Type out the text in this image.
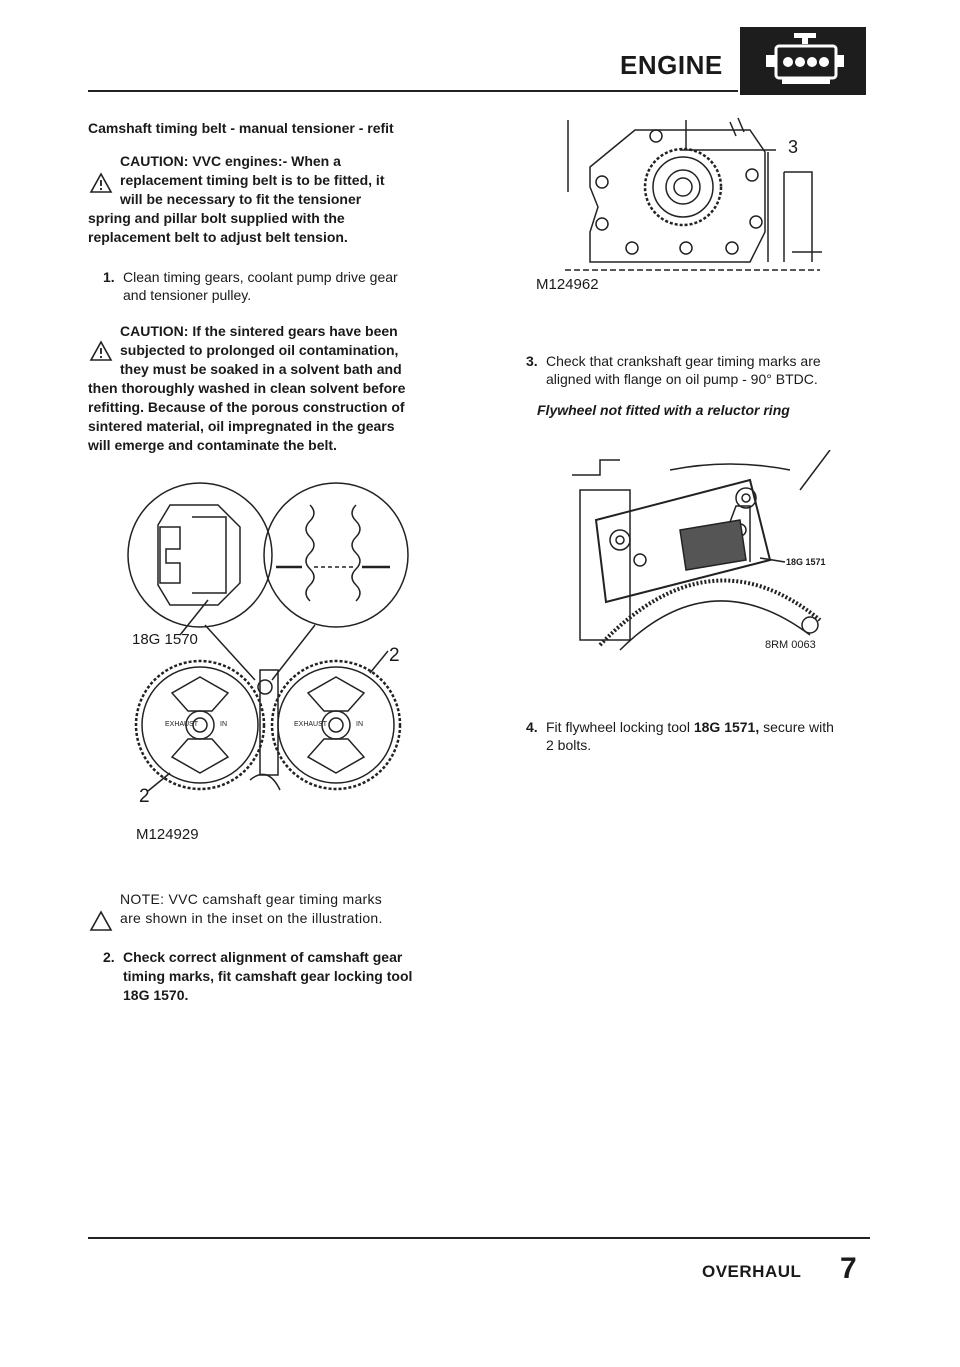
ENGINE
Camshaft timing belt - manual tensioner - refit
CAUTION: VVC engines:- When a
replacement timing belt is to be fitted, it
will be necessary to fit the tensioner
spring and pillar bolt supplied with the
replacement belt to adjust belt tension.
1. Clean timing gears, coolant pump drive gear
and tensioner pulley.
CAUTION: If the sintered gears have been
subjected to prolonged oil contamination,
they must be soaked in a solvent bath and
then thoroughly washed in clean solvent before
refitting. Because of the porous construction of
sintered material, oil impregnated in the gears
will emerge and contaminate the belt.
18G 1570
2
2
EXHAUST	EXHAUST
IN	IN
M124929
NOTE: VVC camshaft gear timing marks
are shown in the inset on the illustration.
2. Check correct alignment of camshaft gear
timing marks, fit camshaft gear locking tool
18G 1570.
3
M124962
3. Check that crankshaft gear timing marks are
aligned with flange on oil pump - 90° BTDC.
Flywheel not fitted with a reluctor ring
18G 1571
8RM 0063
4. Fit flywheel locking tool 18G 1571, secure with
2 bolts.
OVERHAUL 7
